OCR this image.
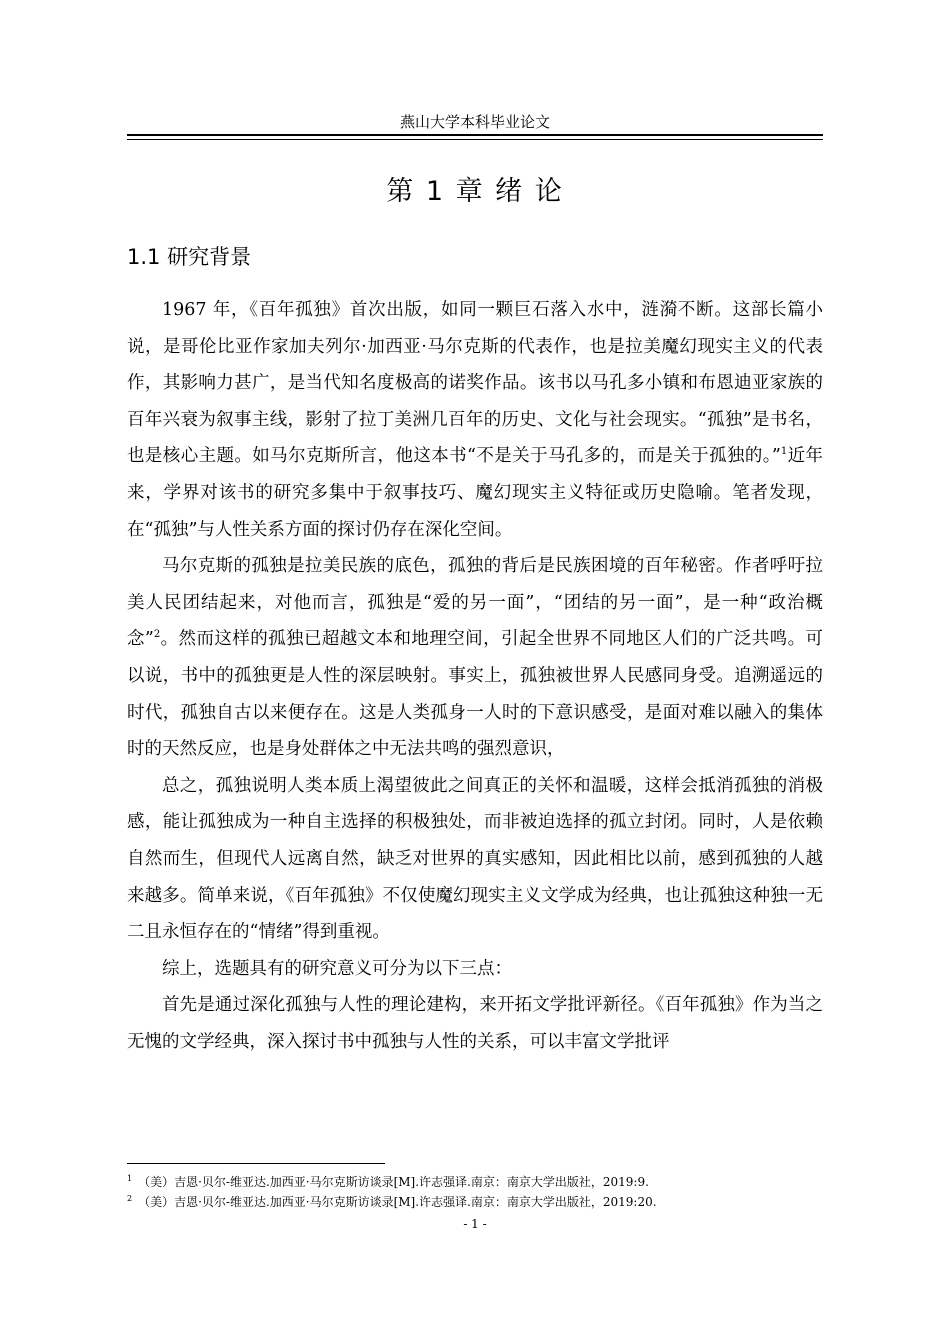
燕山大学本科毕业论文
第 1 章 绪 论
1.1 研究背景

1967 年，《百年孤独》首次出版，如同一颗巨石落入水中，涟漪不断。这部长篇小说，是哥伦比亚作家加夫列尔·加西亚·马尔克斯的代表作，也是拉美魔幻现实主义的代表作，其影响力甚广，是当代知名度极高的诺奖作品。该书以马孔多小镇和布恩迪亚家族的百年兴衰为叙事主线，影射了拉丁美洲几百年的历史、文化与社会现实。“孤独”是书名，也是核心主题。如马尔克斯所言，他这本书“不是关于马孔多的，而是关于孤独的。”$^1$近年来，学界对该书的研究多集中于叙事技巧、魔幻现实主义特征或历史隐喻。笔者发现，在“孤独”与人性关系方面的探讨仍存在深化空间。

马尔克斯的孤独是拉美民族的底色，孤独的背后是民族困境的百年秘密。作者呼吁拉美人民团结起来，对他而言，孤独是“爱的另一面”，“团结的另一面”，是一种“政治概念”$^2$。然而这样的孤独已超越文本和地理空间，引起全世界不同地区人们的广泛共鸣。可以说，书中的孤独更是人性的深层映射。事实上，孤独被世界人民感同身受。追溯遥远的时代，孤独自古以来便存在。这是人类孤身一人时的下意识感受，是面对难以融入的集体时的天然反应，也是身处群体之中无法共鸣的强烈意识，

总之，孤独说明人类本质上渴望彼此之间真正的关怀和温暖，这样会抵消孤独的消极感，能让孤独成为一种自主选择的积极独处，而非被迫选择的孤立封闭。同时，人是依赖自然而生，但现代人远离自然，缺乏对世界的真实感知，因此相比以前，感到孤独的人越来越多。简单来说，《百年孤独》不仅使魔幻现实主义文学成为经典，也让孤独这种独一无二且永恒存在的“情绪”得到重视。

综上，选题具有的研究意义可分为以下三点：

首先是通过深化孤独与人性的理论建构，来开拓文学批评新径。《百年孤独》作为当之无愧的文学经典，深入探讨书中孤独与人性的关系，可以丰富文学批评

$^1$ （美）吉恩·贝尔-维亚达.加西亚·马尔克斯访谈录[M].许志强译.南京：南京大学出版社，2019:9.
$^2$ （美）吉恩·贝尔-维亚达.加西亚·马尔克斯访谈录[M].许志强译.南京：南京大学出版社，2019:20.
- 1 -
